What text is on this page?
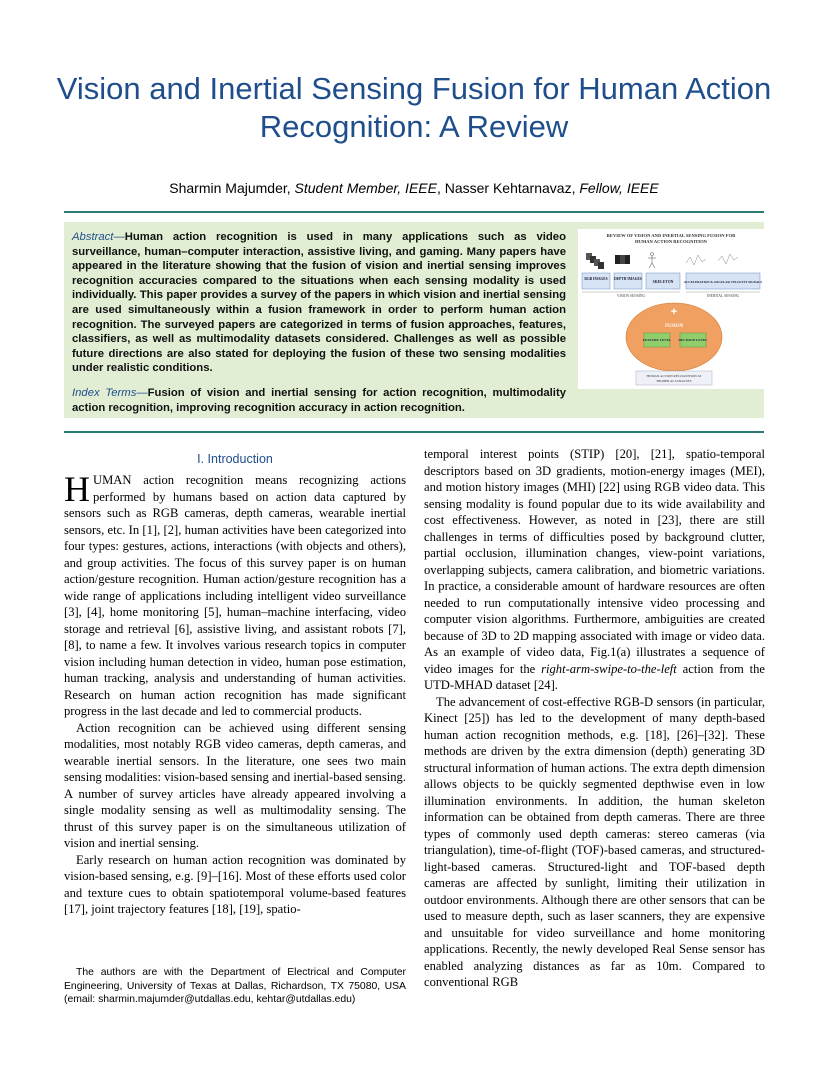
Vision and Inertial Sensing Fusion for Human Action Recognition: A Review
Sharmin Majumder, Student Member, IEEE, Nasser Kehtarnavaz, Fellow, IEEE
Abstract—Human action recognition is used in many applications such as video surveillance, human–computer interaction, assistive living, and gaming. Many papers have appeared in the literature showing that the fusion of vision and inertial sensing improves recognition accuracies compared to the situations when each sensing modality is used individually. This paper provides a survey of the papers in which vision and inertial sensing are used simultaneously within a fusion framework in order to perform human action recognition. The surveyed papers are categorized in terms of fusion approaches, features, classifiers, as well as multimodality datasets considered. Challenges as well as possible future directions are also stated for deploying the fusion of these two sensing modalities under realistic conditions.
Index Terms—Fusion of vision and inertial sensing for action recognition, multimodality action recognition, improving recognition accuracy in action recognition.
REVIEW OF VISION AND INERTIAL SENSING FUSION FOR
HUMAN ACTION RECOGNITION
RGB IMAGES DEPTH IMAGES
SKELETON	ACCELERATION & ANGULAR VELOCITY SIGNALS
VISION SENSING	INERTIAL SENSING
+
FUSION
FEATURE LEVEL DECISION LEVEL
HUMAN ACTION RECOGNITION AT
HIGHER ACCURACIES
I. Introduction

HUMAN action recognition means recognizing actions performed by humans based on action data captured by sensors such as RGB cameras, depth cameras, wearable inertial sensors, etc. In [1], [2], human activities have been categorized into four types: gestures, actions, interactions (with objects and others), and group activities. The focus of this survey paper is on human action/gesture recognition. Human action/gesture recognition has a wide range of applications including intelligent video surveillance [3], [4], home monitoring [5], human–machine interfacing, video storage and retrieval [6], assistive living, and assistant robots [7], [8], to name a few. It involves various research topics in computer vision including human detection in video, human pose estimation, human tracking, analysis and understanding of human activities. Research on human action recognition has made significant progress in the last decade and led to commercial products.

Action recognition can be achieved using different sensing modalities, most notably RGB video cameras, depth cameras, and wearable inertial sensors. In the literature, one sees two main sensing modalities: vision-based sensing and inertial-based sensing. A number of survey articles have already appeared involving a single modality sensing as well as multimodality sensing. The thrust of this survey paper is on the simultaneous utilization of vision and inertial sensing.

Early research on human action recognition was dominated by vision-based sensing, e.g. [9]–[16]. Most of these efforts used color and texture cues to obtain spatiotemporal volume-based features [17], joint trajectory features [18], [19], spatio-

The authors are with the Department of Electrical and Computer Engineering, University of Texas at Dallas, Richardson, TX 75080, USA (email: sharmin.majumder@utdallas.edu, kehtar@utdallas.edu)

temporal interest points (STIP) [20], [21], spatio-temporal descriptors based on 3D gradients, motion-energy images (MEI), and motion history images (MHI) [22] using RGB video data. This sensing modality is found popular due to its wide availability and cost effectiveness. However, as noted in [23], there are still challenges in terms of difficulties posed by background clutter, partial occlusion, illumination changes, view-point variations, overlapping subjects, camera calibration, and biometric variations. In practice, a considerable amount of hardware resources are often needed to run computationally intensive video processing and computer vision algorithms. Furthermore, ambiguities are created because of 3D to 2D mapping associated with image or video data. As an example of video data, Fig.1(a) illustrates a sequence of video images for the right-arm-swipe-to-the-left action from the UTD-MHAD dataset [24].

The advancement of cost-effective RGB-D sensors (in particular, Kinect [25]) has led to the development of many depth-based human action recognition methods, e.g. [18], [26]–[32]. These methods are driven by the extra dimension (depth) generating 3D structural information of human actions. The extra depth dimension allows objects to be quickly segmented depthwise even in low illumination environments. In addition, the human skeleton information can be obtained from depth cameras. There are three types of commonly used depth cameras: stereo cameras (via triangulation), time-of-flight (TOF)-based cameras, and structured-light-based cameras. Structured-light and TOF-based depth cameras are affected by sunlight, limiting their utilization in outdoor environments. Although there are other sensors that can be used to measure depth, such as laser scanners, they are expensive and unsuitable for video surveillance and home monitoring applications. Recently, the newly developed Real Sense sensor has enabled analyzing distances as far as 10m. Compared to conventional RGB
